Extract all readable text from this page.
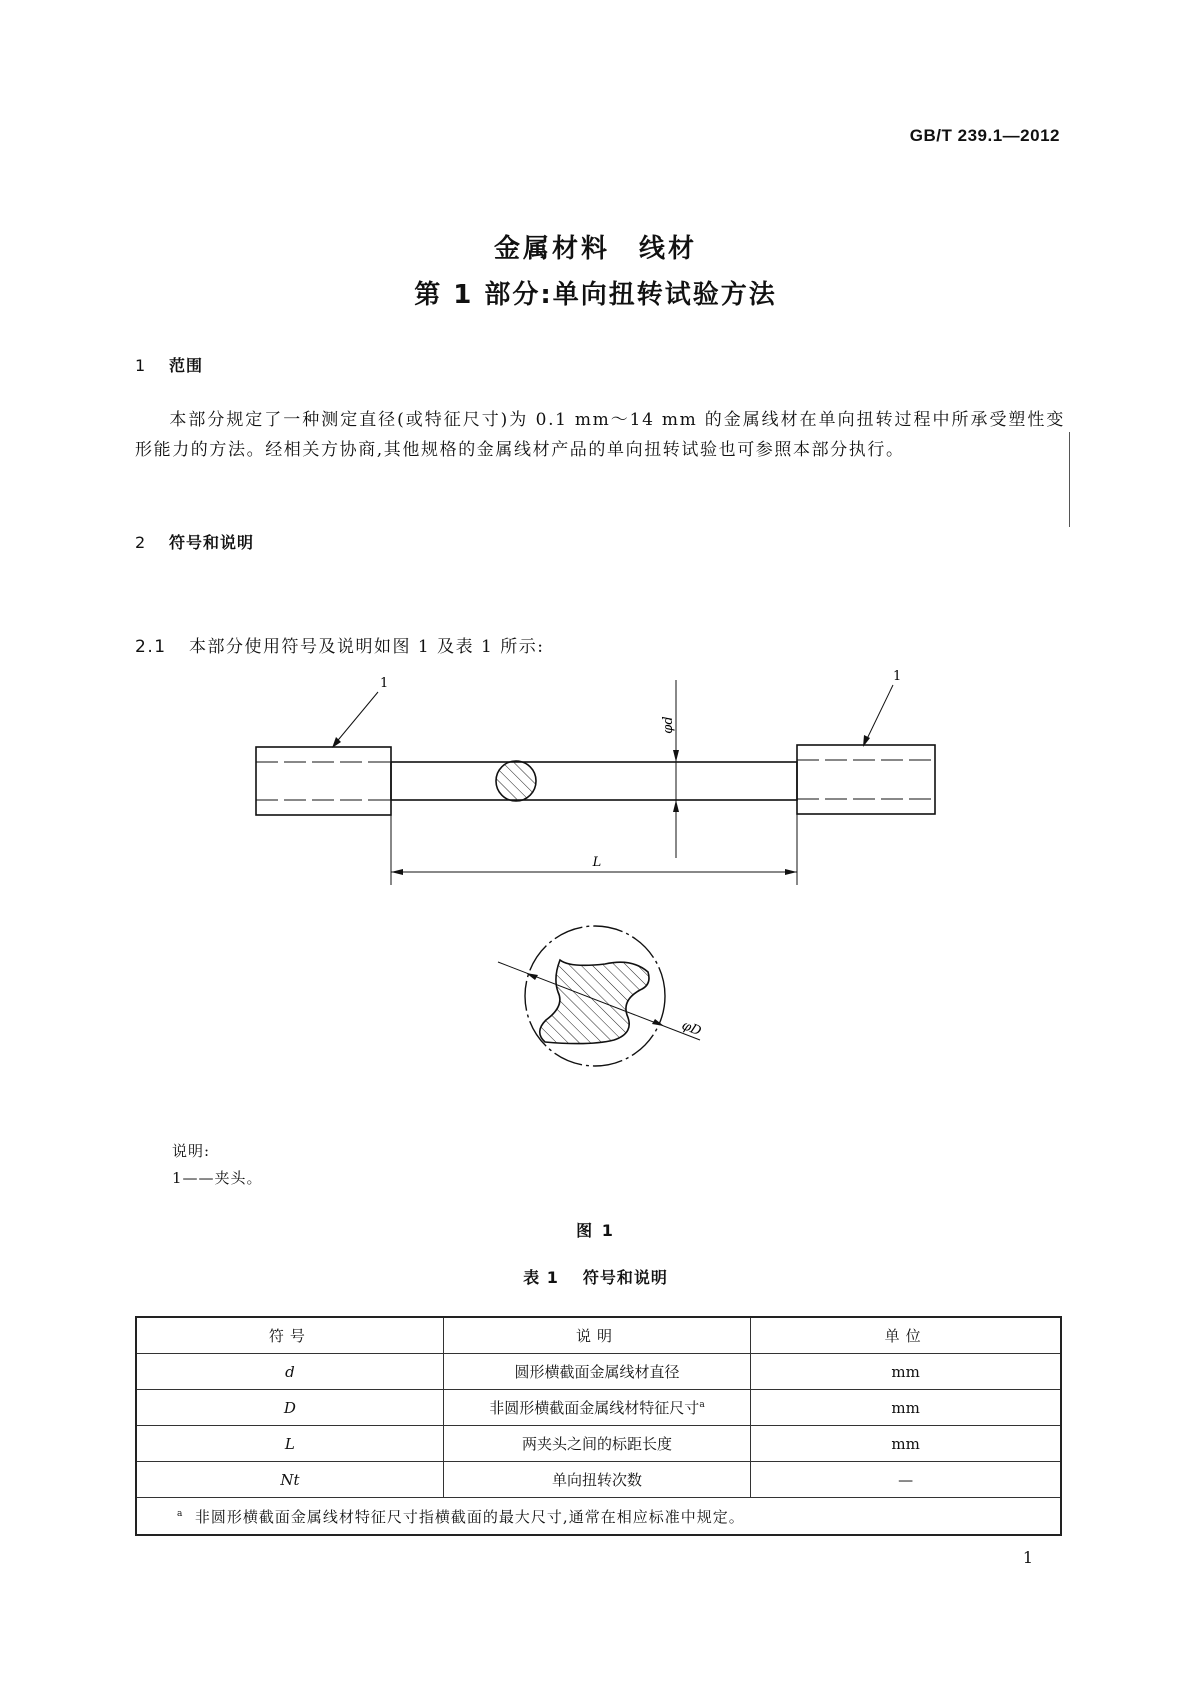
GB/T 239.1—2012
金属材料　线材
第 1 部分:单向扭转试验方法
1 范围
本部分规定了一种测定直径(或特征尺寸)为 0.1 mm～14 mm 的金属线材在单向扭转过程中所承受塑性变形能力的方法。经相关方协商,其他规格的金属线材产品的单向扭转试验也可参照本部分执行。
2 符号和说明
2.1 本部分使用符号及说明如图 1 及表 1 所示:
φd
L
1	1
φD
说明:
1——夹头。
图 1
表 1 符号和说明
符号	说明	单位
d	圆形横截面金属线材直径	mm
D	非圆形横截面金属线材特征尺寸$^a$	mm
L	两夹头之间的标距长度	mm
Nt	单向扭转次数	—
$^a$ 非圆形横截面金属线材特征尺寸指横截面的最大尺寸,通常在相应标准中规定。		
1
